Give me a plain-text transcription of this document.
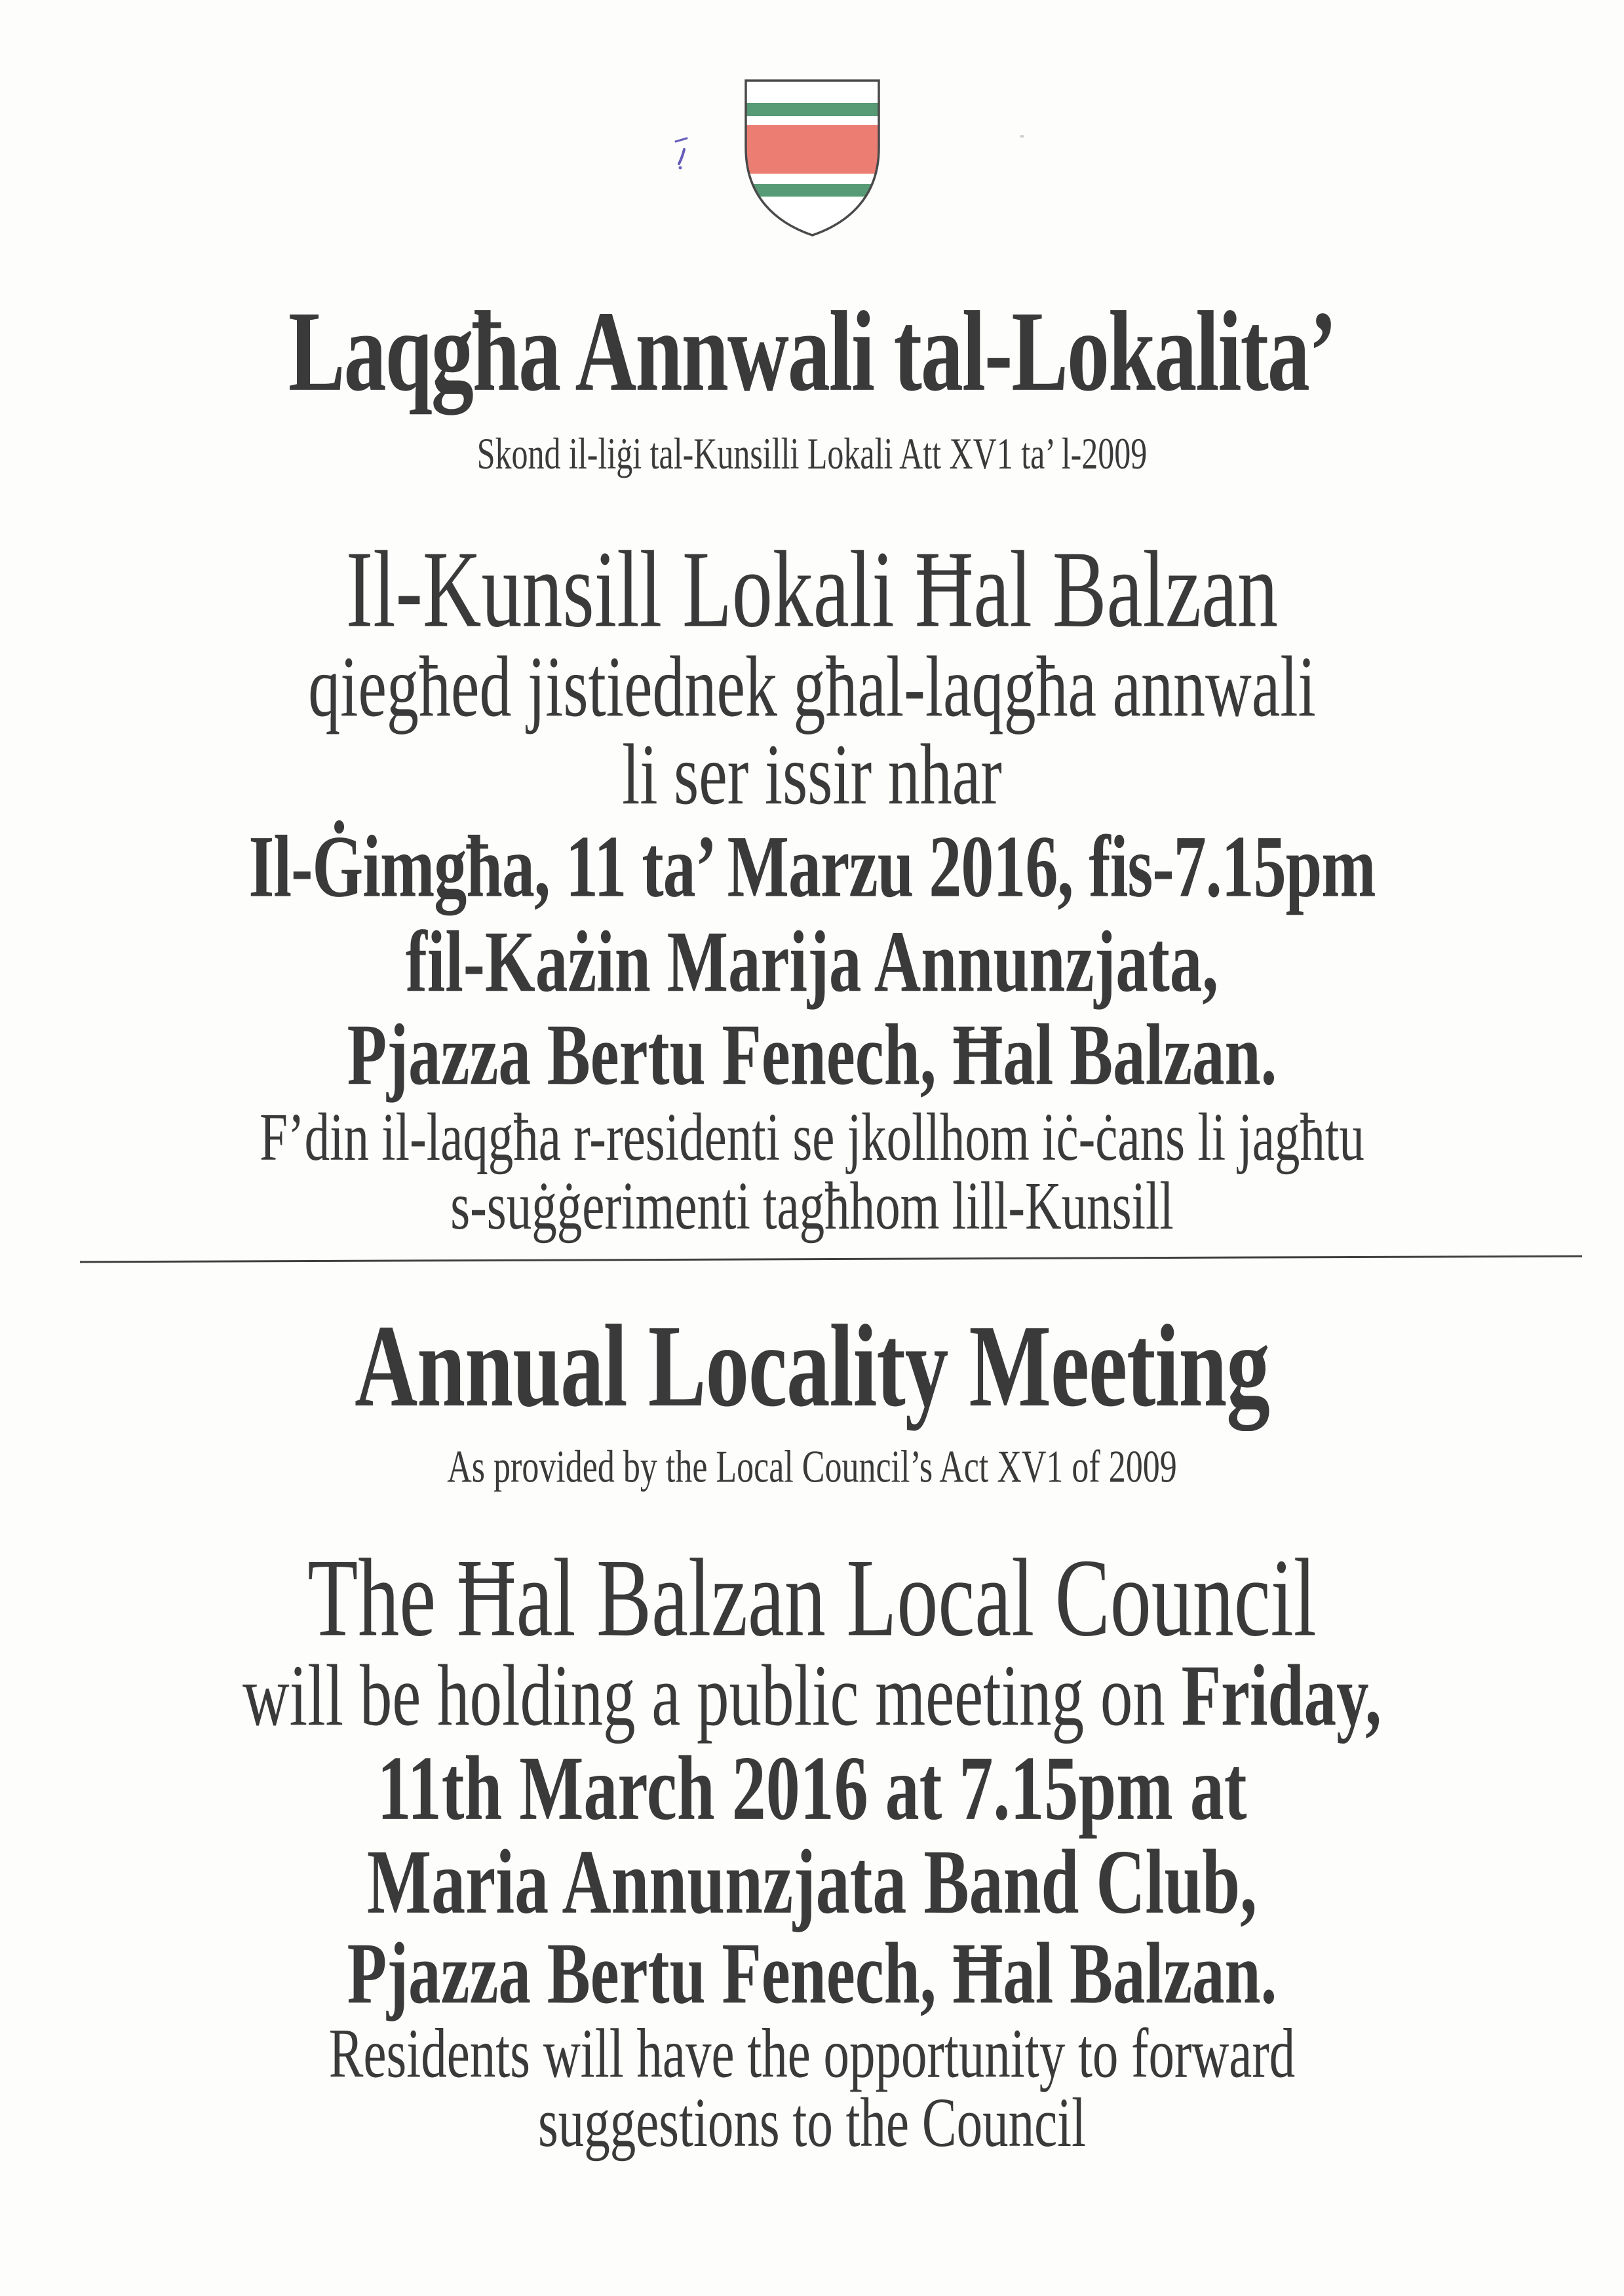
Laqgħa Annwali tal-Lokalita’
Skond il-liġi tal-Kunsilli Lokali Att XV1 ta’ l-2009
Il-Kunsill Lokali Ħal Balzan
qiegħed jistiednek għal-laqgħa annwali
li ser issir nhar
Il-Ġimgħa, 11 ta’ Marzu 2016, fis-7.15pm
fil-Każin Marija Annunzjata,
Pjazza Bertu Fenech, Ħal Balzan.
F’din il-laqgħa r-residenti se jkollhom iċ-ċans li jagħtu
s-suġġerimenti tagħhom lill-Kunsill
Annual Locality Meeting
As provided by the Local Council’s Act XV1 of 2009
The Ħal Balzan Local Council
will be holding a public meeting on Friday,
11th March 2016 at 7.15pm at
Maria Annunzjata Band Club,
Pjazza Bertu Fenech, Ħal Balzan.
Residents will have the opportunity to forward
suggestions to the Council
